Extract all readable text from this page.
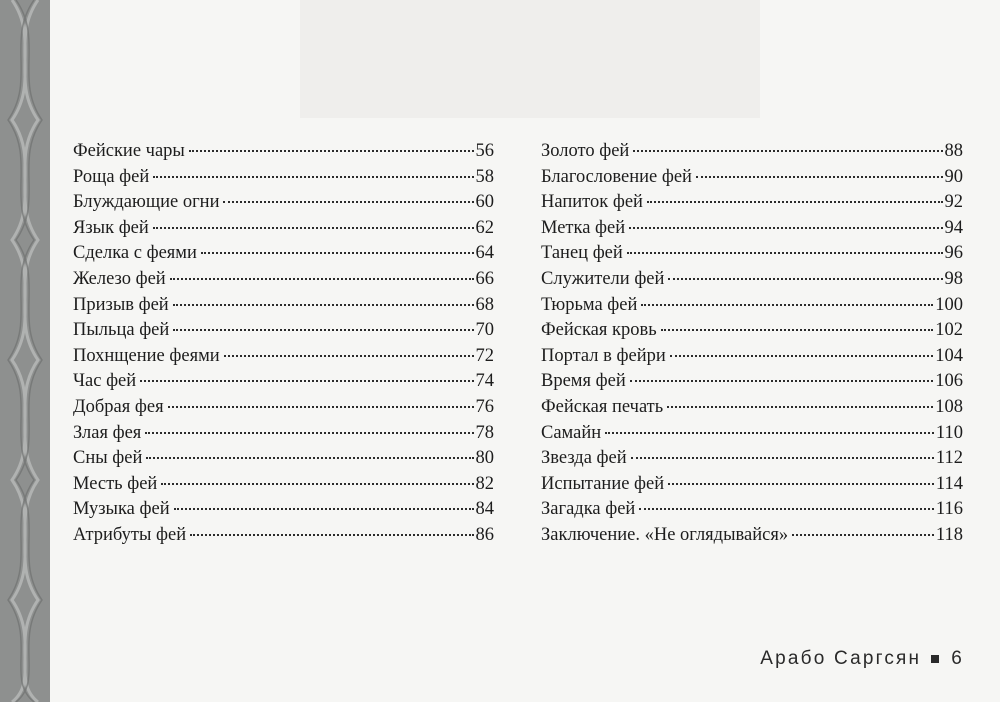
Фейские чары	56
Роща фей	58
Блуждающие огни	60
Язык фей	62
Сделка с феями	64
Железо фей	66
Призыв фей	68
Пыльца фей	70
Похнщение феями	72
Час фей	74
Добрая фея	76
Злая фея	78
Сны фей	80
Месть фей	82
Музыка фей	84
Атрибуты фей	86
Золото фей	88
Благословение фей	90
Напиток фей	92
Метка фей	94
Танец фей	96
Служители фей	98
Тюрьма фей	100
Фейская кровь	102
Портал в фейри	104
Время фей	106
Фейская печать	108
Самайн	110
Звезда фей	112
Испытание фей	114
Загадка фей	116
Заключение. «Не оглядывайся»	118
Арабо Саргсян 6
